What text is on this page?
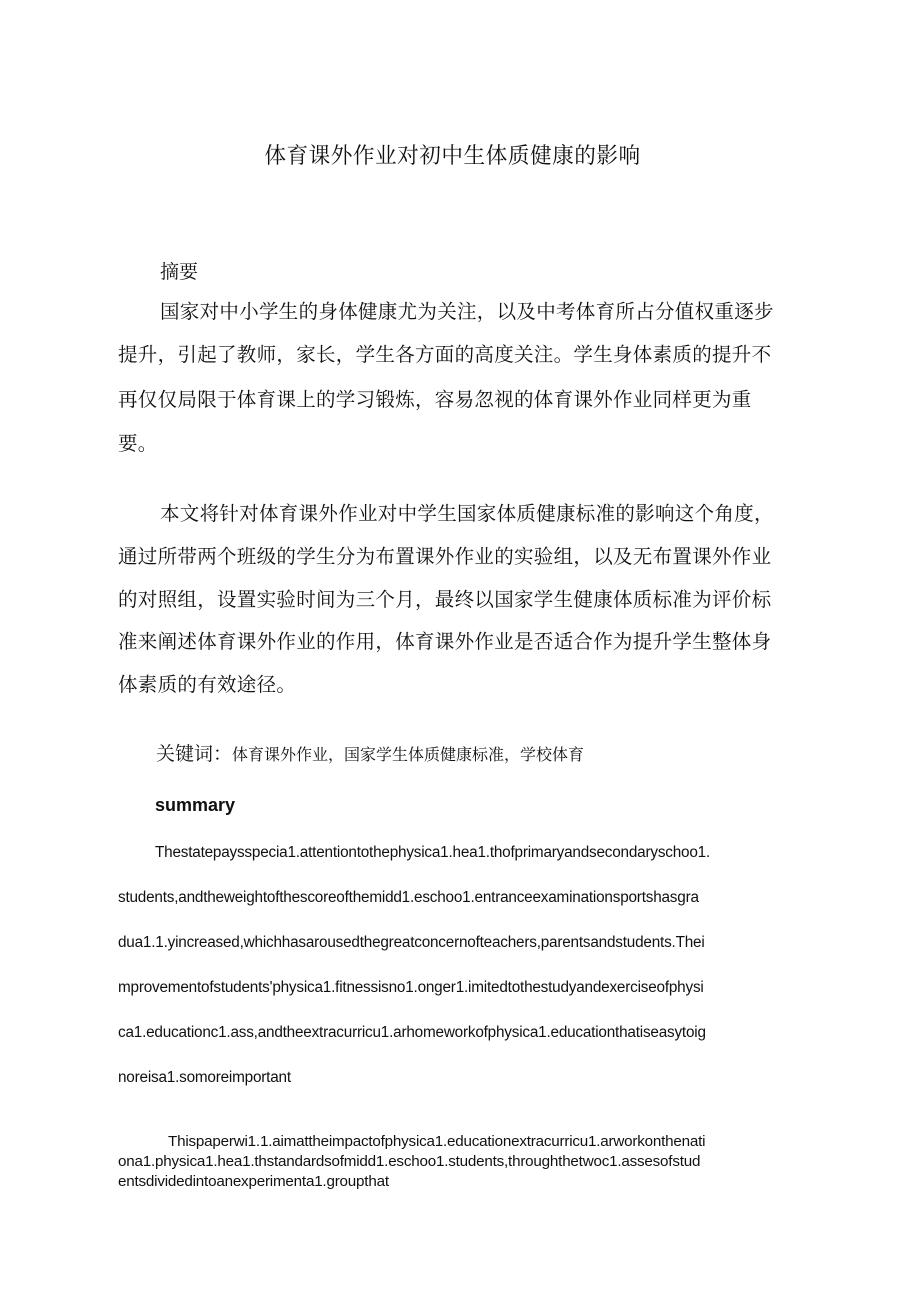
体育课外作业对初中生体质健康的影响
摘要
国家对中小学生的身体健康尤为关注，以及中考体育所占分值权重逐步
提升，引起了教师，家长，学生各方面的高度关注。学生身体素质的提升不
再仅仅局限于体育课上的学习锻炼，容易忽视的体育课外作业同样更为重
要。
本文将针对体育课外作业对中学生国家体质健康标准的影响这个角度，
通过所带两个班级的学生分为布置课外作业的实验组，以及无布置课外作业
的对照组，设置实验时间为三个月，最终以国家学生健康体质标准为评价标
准来阐述体育课外作业的作用，体育课外作业是否适合作为提升学生整体身
体素质的有效途径。
关键词：体育课外作业，国家学生体质健康标准，学校体育
summary
Thestatepaysspecia1.attentiontothephysica1.hea1.thofprimaryandsecondaryschoo1.
students,andtheweightofthescoreofthemidd1.eschoo1.entranceexaminationsportshasgra
dua1.1.yincreased,whichhasarousedthegreatconcernofteachers,parentsandstudents.Thei
mprovementofstudents'physica1.fitnessisno1.onger1.imitedtothestudyandexerciseofphysi
ca1.educationc1.ass,andtheextracurricu1.arhomeworkofphysica1.educationthatiseasytoig
noreisa1.somoreimportant
Thispaperwi1.1.aimattheimpactofphysica1.educationextracurricu1.arworkonthenati
ona1.physica1.hea1.thstandardsofmidd1.eschoo1.students,throughthetwoc1.assesofstud
entsdividedintoanexperimenta1.groupthat
